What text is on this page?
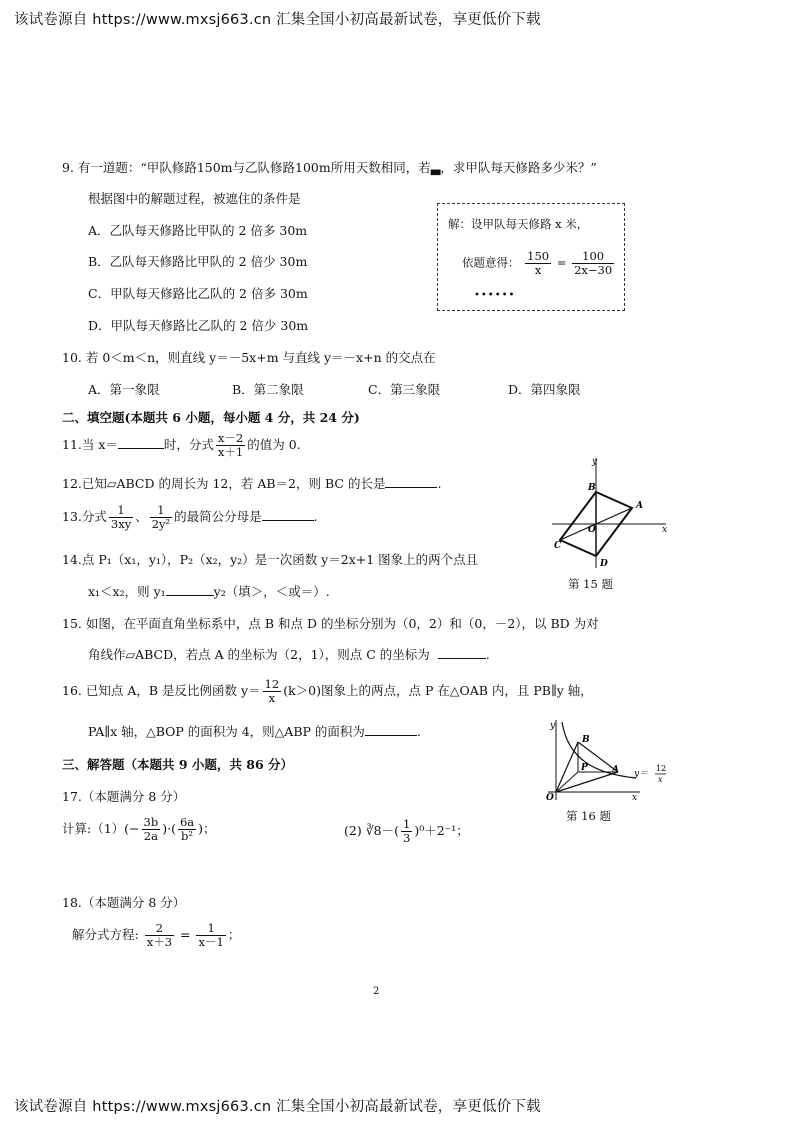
该试卷源自 https://www.mxsj663.cn 汇集全国小初高最新试卷，享更低价下载
9. 有一道题：“甲队修路150m与乙队修路100m所用天数相同，若▃，求甲队每天修路多少米？”
根据图中的解题过程，被遮住的条件是
A．乙队每天修路比甲队的 2 倍多 30m
B．乙队每天修路比甲队的 2 倍少 30m
C．甲队每天修路比乙队的 2 倍多 30m
D．甲队每天修路比乙队的 2 倍少 30m
解：设甲队每天修路 x 米，
依题意得： $\frac{150}{x} = \frac{100}{2x-30}$
••••••
10. 若 0＜m＜n，则直线 y＝－5x+m 与直线 y＝－x+n 的交点在
A．第一象限	B．第二象限	C．第三象限	D．第四象限
二、填空题(本题共 6 小题，每小题 4 分，共 24 分)
11.当 x＝	时，分式 $\frac{x-2}{x+1}$ 的值为 0.
12.已知▱ABCD 的周长为 12，若 AB＝2，则 BC 的长是	.
13.分式 $\frac{1}{3xy}$ 、 $\frac{1}{\text{2y²}}$ 的最简公分母是	.
14.点 P₁（x₁，y₁），P₂（x₂，y₂）是一次函数 y＝2x+1 图象上的两个点且
x₁＜x₂，则 y₁	y₂（填＞，＜或＝）.
y
x
B
A
O
C
D
第 15 题
15. 如图，在平面直角坐标系中，点 B 和点 D 的坐标分别为（0，2）和（0，－2），以 BD 为对
角线作▱ABCD，若点 A 的坐标为（2，1），则点 C 的坐标为	.
16. 已知点 A，B 是反比例函数 $y= \frac{12}{x} (k>0)$图象上的两点，点 P 在△OAB 内，且 PB∥y 轴，
PA∥x 轴，△BOP 的面积为 4，则△ABP 的面积为	.	y
x
B
P	A
O
y＝
12
x
第 16 题
三、解答题（本题共 9 小题，共 86 分）
17.（本题满分 8 分）
计算:（1）(− $\frac{3b}{2a}$ )·( $\frac{6a}{\text{b²}}$ )；	(2) ∛8－( $\frac{1}{3} )^0+2^{-1}$；
18.（本题满分 8 分）
解分式方程: $\frac{2}{x+3} = \frac{1}{x-1}$ ；
2
该试卷源自 https://www.mxsj663.cn 汇集全国小初高最新试卷，享更低价下载
